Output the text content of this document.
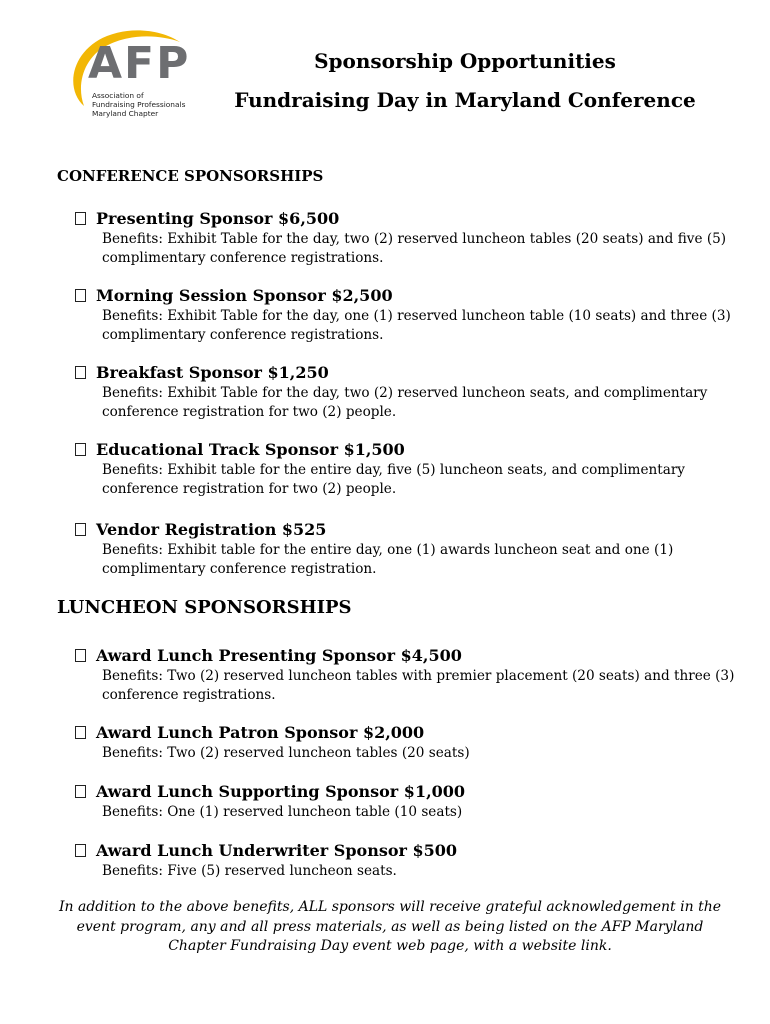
AFP
Association of
Fundraising Professionals
Maryland Chapter
Sponsorship Opportunities
Fundraising Day in Maryland Conference
CONFERENCE SPONSORSHIPS
Presenting Sponsor $6,500
Benefits: Exhibit Table for the day, two (2) reserved luncheon tables (20 seats) and five (5) complimentary conference registrations.
Morning Session Sponsor $2,500
Benefits: Exhibit Table for the day, one (1) reserved luncheon table (10 seats) and three (3) complimentary conference registrations.
Breakfast Sponsor $1,250
Benefits: Exhibit Table for the day, two (2) reserved luncheon seats, and complimentary conference registration for two (2) people.
Educational Track Sponsor $1,500
Benefits: Exhibit table for the entire day, five (5) luncheon seats, and complimentary conference registration for two (2) people.
Vendor Registration $525
Benefits: Exhibit table for the entire day, one (1) awards luncheon seat and one (1) complimentary conference registration.
LUNCHEON SPONSORSHIPS
Award Lunch Presenting Sponsor $4,500
Benefits: Two (2) reserved luncheon tables with premier placement (20 seats) and three (3) conference registrations.
Award Lunch Patron Sponsor $2,000
Benefits: Two (2) reserved luncheon tables (20 seats)
Award Lunch Supporting Sponsor $1,000
Benefits: One (1) reserved luncheon table (10 seats)
Award Lunch Underwriter Sponsor $500
Benefits: Five (5) reserved luncheon seats.
In addition to the above benefits, ALL sponsors will receive grateful acknowledgement in the event program, any and all press materials, as well as being listed on the AFP Maryland Chapter Fundraising Day event web page, with a website link.
